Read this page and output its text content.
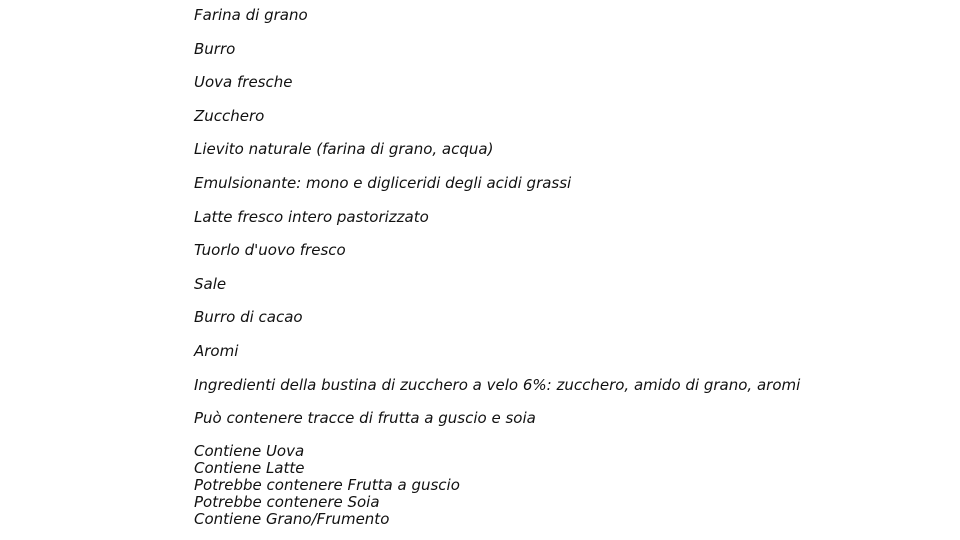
Farina di grano
Burro
Uova fresche
Zucchero
Lievito naturale (farina di grano, acqua)
Emulsionante: mono e digliceridi degli acidi grassi
Latte fresco intero pastorizzato
Tuorlo d'uovo fresco
Sale
Burro di cacao
Aromi
Ingredienti della bustina di zucchero a velo 6%: zucchero, amido di grano, aromi
Può contenere tracce di frutta a guscio e soia
Contiene Uova
Contiene Latte
Potrebbe contenere Frutta a guscio
Potrebbe contenere Soia
Contiene Grano/Frumento
